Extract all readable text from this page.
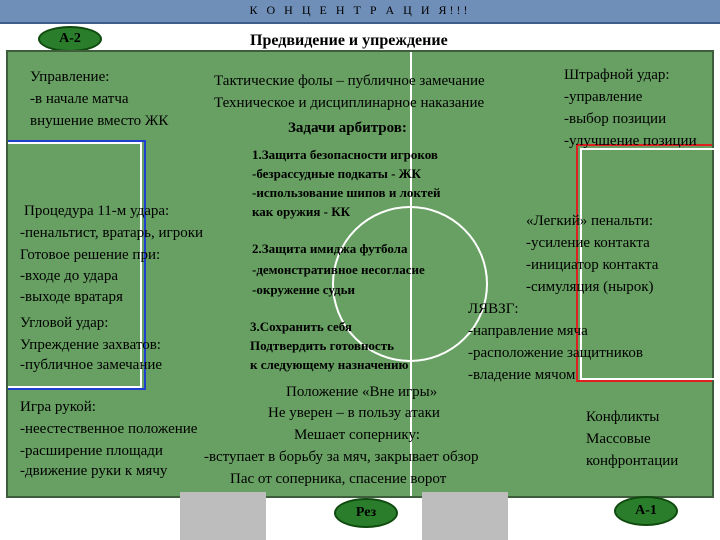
К О Н Ц Е Н Т Р А Ц И Я!!!
А-2	Предвидение и упреждение
Управление:
-в начале матча
внушение вместо ЖК
Тактические фолы – публичное замечание
Техническое и дисциплинарное наказание
Задачи арбитров:
Штрафной удар:
-управление
-выбор позиции
-улучшение позиции
1.Защита безопасности игроков
-безрассудные подкаты - ЖК
-использование шипов и локтей
как оружия - КК
2.Защита имиджа футбола
-демонстративное несогласие
-окружение судьи
3.Сохранить себя
Подтвердить готовность
к следующему назначению
Процедура 11-м удара:
-пенальтист, вратарь, игроки
Готовое решение при:
-входе до удара
-выходе вратаря
Угловой удар:
Упреждение захватов:
-публичное замечание
«Легкий» пенальти:
-усиление контакта
-инициатор контакта
-симуляция (нырок)
ЛЯВЗГ:
-направление мяча
-расположение защитников
-владение мячом
Положение «Вне игры»
Не уверен – в пользу атаки
Мешает сопернику:
-вступает в борьбу за мяч, закрывает обзор
Пас от соперника, спасение ворот
Игра рукой:
-неестественное положение
-расширение площади
-движение руки к мячу
Конфликты
Массовые
конфронтации
Рез	А-1
